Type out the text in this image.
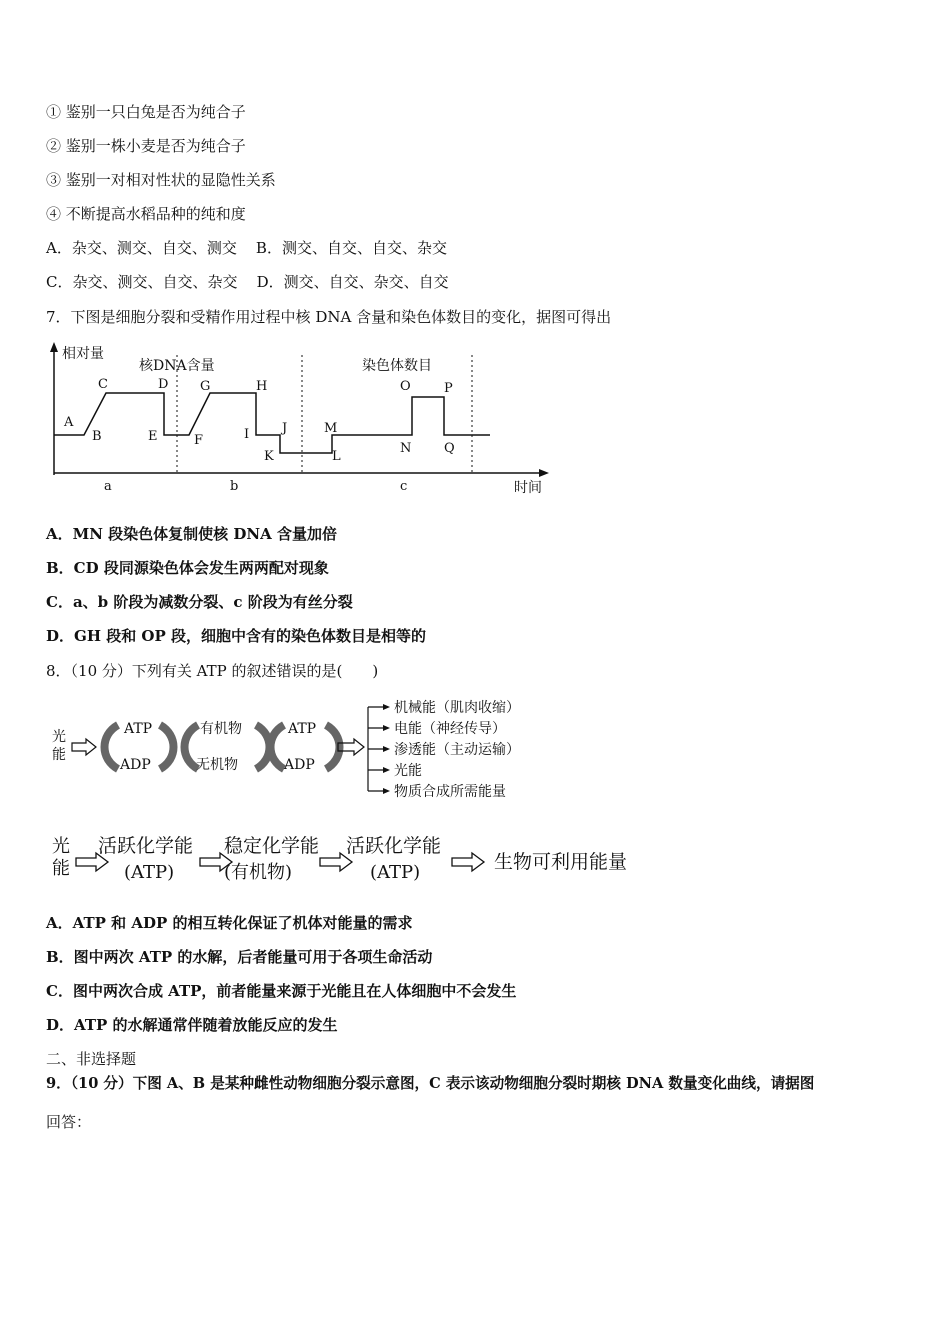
① 鉴别一只白兔是否为纯合子
② 鉴别一株小麦是否为纯合子
③ 鉴别一对相对性状的显隐性关系
④ 不断提高水稻品种的纯和度
A．杂交、测交、自交、测交 B．测交、自交、自交、杂交
C．杂交、测交、自交、杂交 D．测交、自交、杂交、自交
7．下图是细胞分裂和受精作用过程中核 DNA 含量和染色体数目的变化，据图可得出
相对量
时间
核DNA含量	染色体数目
A
B
C	D
E	F
G	H
I	J
K	L
M
N
O	P
Q
a	b	c
A．MN 段染色体复制使核 DNA 含量加倍
B．CD 段同源染色体会发生两两配对现象
C．a、b 阶段为减数分裂、c 阶段为有丝分裂
D．GH 段和 OP 段，细胞中含有的染色体数目是相等的
8．（10 分）下列有关 ATP 的叙述错误的是(　　)
光
能
ATP
ADP
有机物
无机物
ATP
ADP
机械能（肌肉收缩）
电能（神经传导）
渗透能（主动运输）
光能
物质合成所需能量
光
能
活跃化学能
(ATP)
稳定化学能
(有机物)
活跃化学能
(ATP)	生物可利用能量
A．ATP 和 ADP 的相互转化保证了机体对能量的需求
B．图中两次 ATP 的水解，后者能量可用于各项生命活动
C．图中两次合成 ATP，前者能量来源于光能且在人体细胞中不会发生
D．ATP 的水解通常伴随着放能反应的发生
二、非选择题
9．（10 分）下图 A、B 是某种雌性动物细胞分裂示意图，C 表示该动物细胞分裂时期核 DNA 数量变化曲线，请据图
回答：
